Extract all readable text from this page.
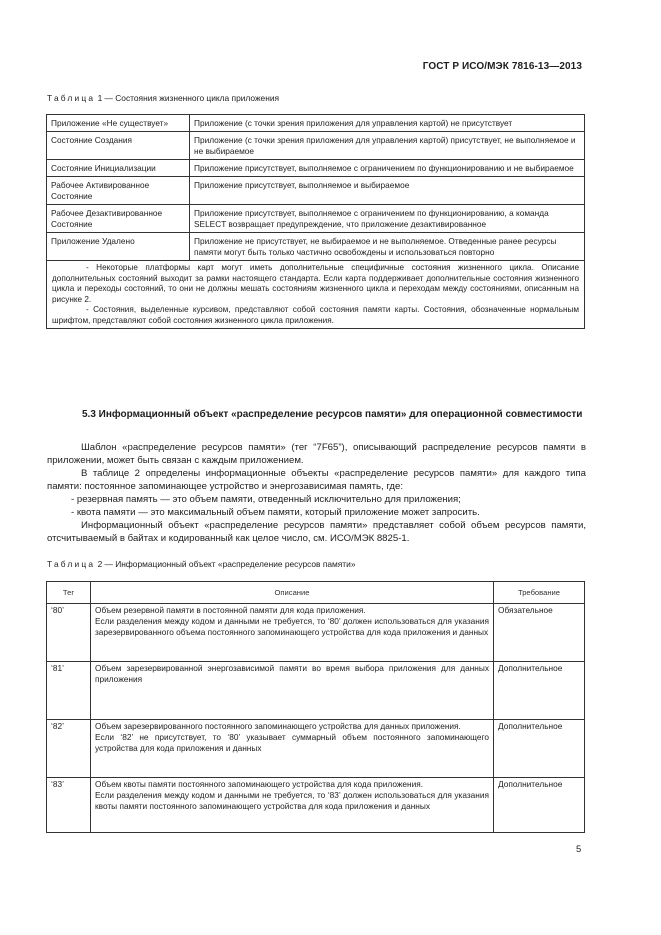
ГОСТ Р ИСО/МЭК 7816-13—2013
Таблица 1 — Состояния жизненного цикла приложения
Приложение «Не существует»	Приложение (с точки зрения приложения для управления картой) не присутствует
Состояние Создания	Приложение (с точки зрения приложения для управления картой) присутствует, не выполняемое и не выбираемое
Состояние Инициализации	Приложение присутствует, выполняемое с ограничением по функционированию и не выбираемое
Рабочее Активированное Состояние	Приложение присутствует, выполняемое и выбираемое
Рабочее Дезактивированное Состояние	Приложение присутствует, выполняемое с ограничением по функционированию, а команда SELECT возвращает предупреждение, что приложение дезактивированное
Приложение Удалено	Приложение не присутствует, не выбираемое и не выполняемое. Отведенные ранее ресурсы памяти могут быть только частично освобождены и использоваться повторно

- Некоторые платформы карт могут иметь дополнительные специфичные состояния жизненного цикла. Описание дополнительных состояний выходит за рамки настоящего стандарта. Если карта поддерживает дополнительные состояния жизненного цикла и переходы состояний, то они не должны мешать состояниям жизненного цикла и переходам между состояниями, описанным на рисунке 2.
- Состояния, выделенные курсивом, представляют собой состояния памяти карты. Состояния, обозначенные нормальным шрифтом, представляют собой состояния жизненного цикла приложения.	
5.3 Информационный объект «распределение ресурсов памяти» для операционной совместимости

Шаблон «распределение ресурсов памяти» (тег “7F65”), описывающий распределение ресурсов памяти в приложении, может быть связан с каждым приложением.

В таблице 2 определены информационные объекты «распределение ресурсов памяти» для каждого типа памяти: постоянное запоминающее устройство и энергозависимая память, где:

- резервная память — это объем памяти, отведенный исключительно для приложения;

- квота памяти — это максимальный объем памяти, который приложение может запросить.

Информационный объект «распределение ресурсов памяти» представляет собой объем ресурсов памяти, отсчитываемый в байтах и кодированный как целое число, см. ИСО/МЭК 8825-1.

Таблица 2 — Информационный объект «распределение ресурсов памяти»
Тег	Описание	Требование
‘80’	Объем резервной памяти в постоянной памяти для кода приложения.
Если разделения между кодом и данными не требуется, то ‘80’ должен использоваться для указания зарезервированного объема постоянного запоминающего устройства для кода приложения и данных	Обязательное
‘81’	Объем зарезервированной энергозависимой памяти во время выбора приложения для данных приложения	Дополнительное
‘82’	Объем зарезервированного постоянного запоминающего устройства для данных приложения.
Если ‘82’ не присутствует, то ‘80’ указывает суммарный объем постоянного запоминающего устройства для кода приложения и данных	Дополнительное
‘83’	Объем квоты памяти постоянного запоминающего устройства для кода приложения.
Если разделения между кодом и данными не требуется, то ‘83’ должен использоваться для указания квоты памяти постоянного запоминающего устройства для кода приложения и данных	Дополнительное
5
